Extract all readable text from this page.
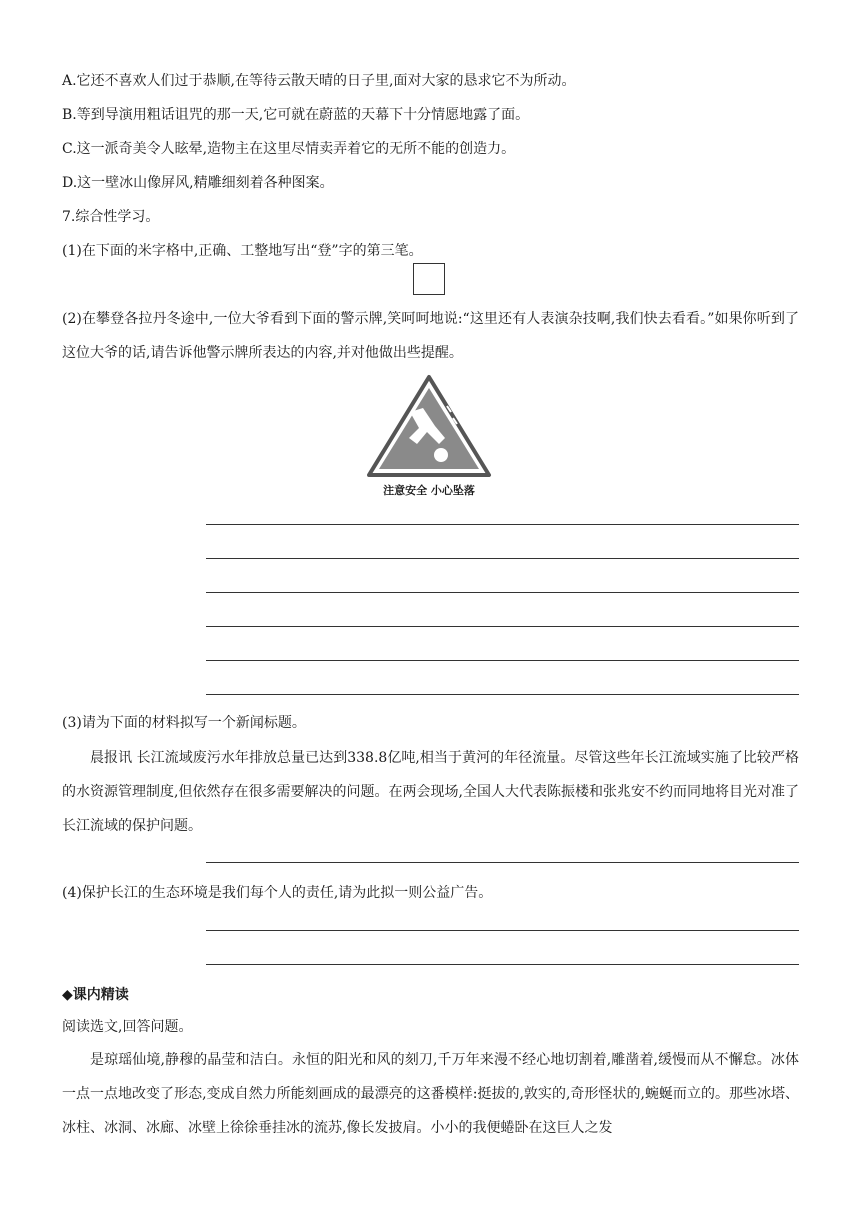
A.它还不喜欢人们过于恭顺,在等待云散天晴的日子里,面对大家的恳求它不为所动。
B.等到导演用粗话诅咒的那一天,它可就在蔚蓝的天幕下十分情愿地露了面。
C.这一派奇美令人眩晕,造物主在这里尽情卖弄着它的无所不能的创造力。
D.这一壁冰山像屏风,精雕细刻着各种图案。
7.综合性学习。
(1)在下面的米字格中,正确、工整地写出“登”字的第三笔。
(2)在攀登各拉丹冬途中,一位大爷看到下面的警示牌,笑呵呵地说:“这里还有人表演杂技啊,我们快去看看。”如果你听到了这位大爷的话,请告诉他警示牌所表达的内容,并对他做出些提醒。
注意安全 小心坠落
(3)请为下面的材料拟写一个新闻标题。
晨报讯 长江流域废污水年排放总量已达到338.8亿吨,相当于黄河的年径流量。尽管这些年长江流域实施了比较严格的水资源管理制度,但依然存在很多需要解决的问题。在两会现场,全国人大代表陈振楼和张兆安不约而同地将目光对准了长江流域的保护问题。
(4)保护长江的生态环境是我们每个人的责任,请为此拟一则公益广告。
◆课内精读
阅读选文,回答问题。
是琼瑶仙境,静穆的晶莹和洁白。永恒的阳光和风的刻刀,千万年来漫不经心地切割着,雕凿着,缓慢而从不懈怠。冰体一点一点地改变了形态,变成自然力所能刻画成的最漂亮的这番模样:挺拔的,敦实的,奇形怪状的,蜿蜒而立的。那些冰塔、冰柱、冰洞、冰廊、冰壁上徐徐垂挂冰的流苏,像长发披肩。小小的我便蜷卧在这巨人之发
